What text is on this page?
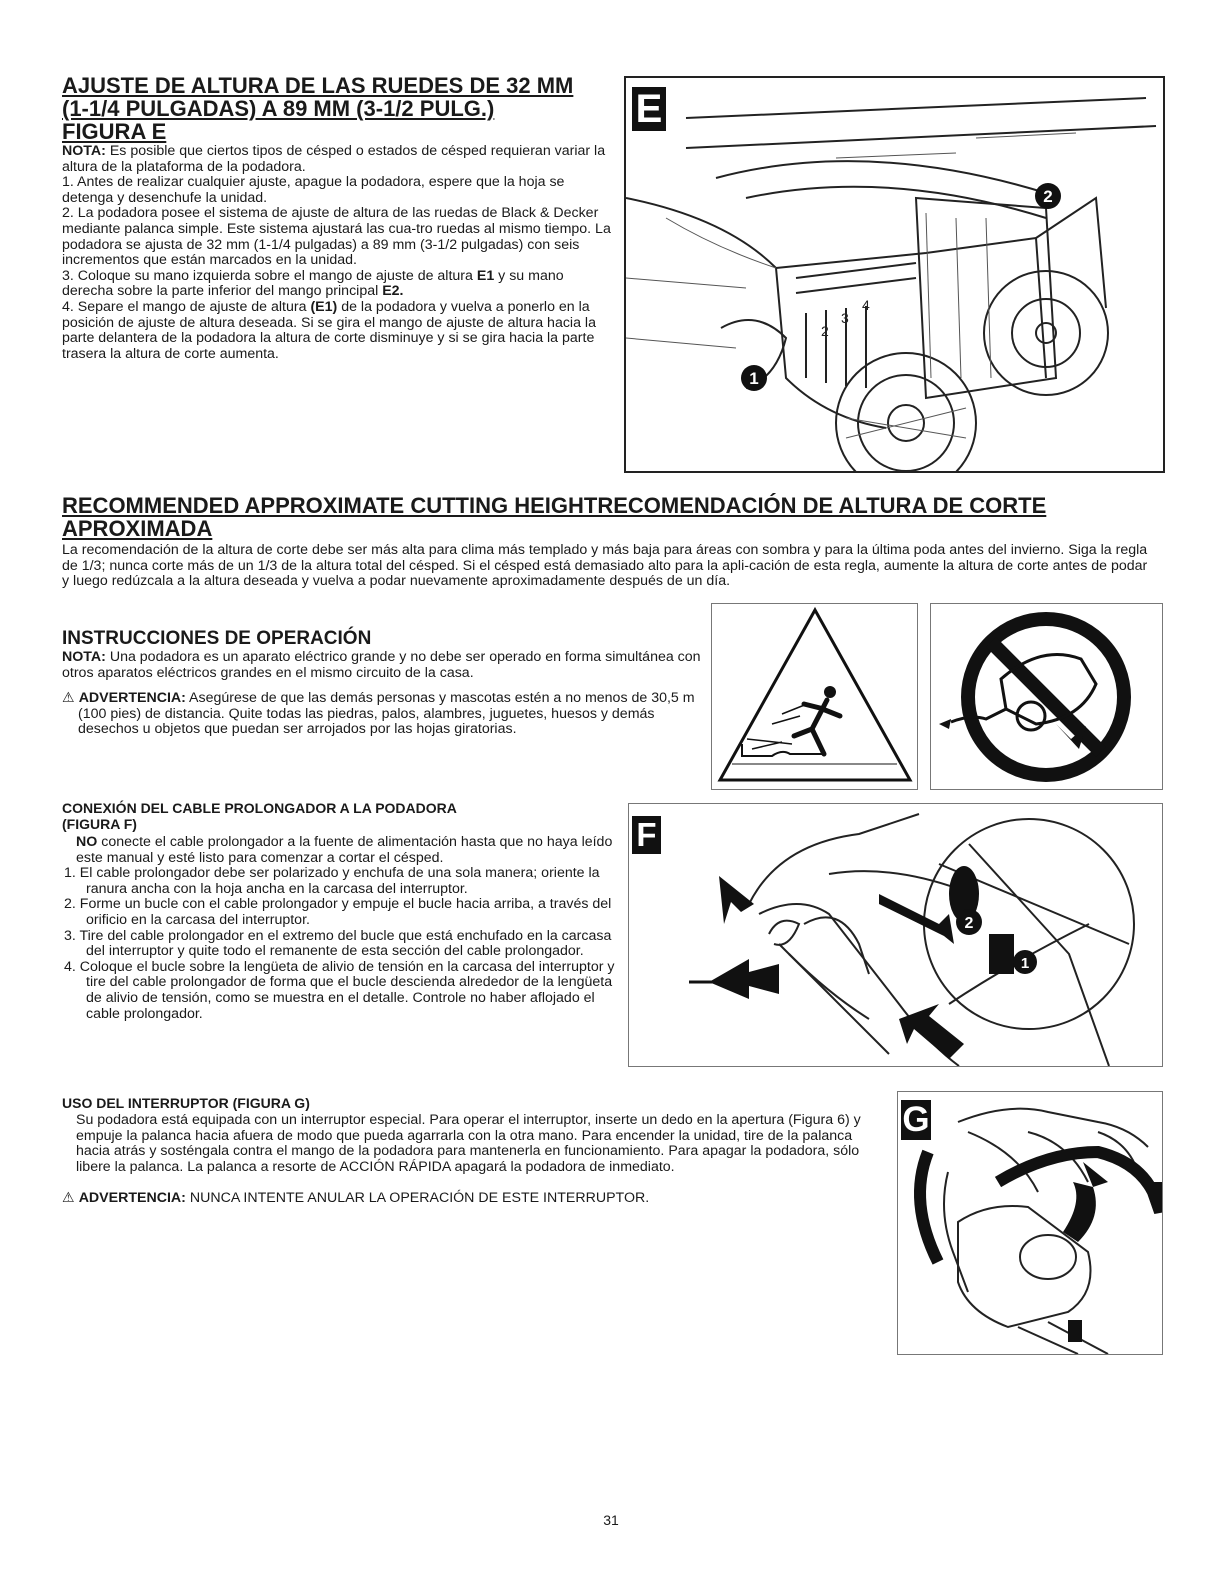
AJUSTE DE ALTURA DE LAS RUEDES DE 32 MM
(1-1/4 PULGADAS) A 89 MM (3-1/2 PULG.)
FIGURA E

NOTA: Es posible que ciertos tipos de césped o estados de césped requieran variar la altura de la plataforma de la podadora.

1. Antes de realizar cualquier ajuste, apague la podadora, espere que la hoja se detenga y desenchufe la unidad.

2. La podadora posee el sistema de ajuste de altura de las ruedas de Black & Decker mediante palanca simple. Este sistema ajustará las cua-tro ruedas al mismo tiempo. La podadora se ajusta de 32 mm (1-1/4 pulgadas) a 89 mm (3-1/2 pulgadas) con seis incrementos que están marcados en la unidad.

3. Coloque su mano izquierda sobre el mango de ajuste de altura E1 y su mano derecha sobre la parte inferior del mango principal E2.

4. Separe el mango de ajuste de altura (E1) de la podadora y vuelva a ponerlo en la posición de ajuste de altura deseada. Si se gira el mango de ajuste de altura hacia la parte delantera de la podadora la altura de corte disminuye y si se gira hacia la parte trasera la altura de corte aumenta.

2
3
4
1
2
E
RECOMMENDED APPROXIMATE CUTTING HEIGHTRECOMENDACIÓN DE ALTURA DE CORTE
APROXIMADA

La recomendación de la altura de corte debe ser más alta para clima más templado y más baja para áreas con sombra y para la última poda antes del invierno. Siga la regla de 1/3; nunca corte más de un 1/3 de la altura total del césped. Si el césped está demasiado alto para la apli-cación de esta regla, aumente la altura de corte antes de podar y luego redúzcala a la altura deseada y vuelva a podar nuevamente aproximadamente después de un día.

INSTRUCCIONES DE OPERACIÓN

NOTA: Una podadora es un aparato eléctrico grande y no debe ser operado en forma simultánea con otros aparatos eléctricos grandes en el mismo circuito de la casa.

⚠ ADVERTENCIA: Asegúrese de que las demás personas y mascotas estén a no menos de 30,5 m (100 pies) de distancia. Quite todas las piedras, palos, alambres, juguetes, huesos y demás desechos u objetos que puedan ser arrojados por las hojas giratorias.

CONEXIÓN DEL CABLE PROLONGADOR A LA PODADORA
(FIGURA F)

NO conecte el cable prolongador a la fuente de alimentación hasta que no haya leído este manual y esté listo para comenzar a cortar el césped.

1. El cable prolongador debe ser polarizado y enchufa de una sola manera; oriente la ranura ancha con la hoja ancha en la carcasa del interruptor.

2. Forme un bucle con el cable prolongador y empuje el bucle hacia arriba, a través del orificio en la carcasa del interruptor.

3. Tire del cable prolongador en el extremo del bucle que está enchufado en la carcasa del interruptor y quite todo el remanente de esta sección del cable prolongador.

4. Coloque el bucle sobre la lengüeta de alivio de tensión en la carcasa del interruptor y tire del cable prolongador de forma que el bucle descienda alrededor de la lengüeta de alivio de tensión, como se muestra en el detalle. Controle no haber aflojado el cable prolongador.

2
1
F
USO DEL INTERRUPTOR (FIGURA G)

Su podadora está equipada con un interruptor especial. Para operar el interruptor, inserte un dedo en la apertura (Figura 6) y empuje la palanca hacia afuera de modo que pueda agarrarla con la otra mano. Para encender la unidad, tire de la palanca hacia atrás y sosténgala contra el mango de la podadora para mantenerla en funcionamiento. Para apagar la podadora, sólo libere la palanca. La palanca a resorte de ACCIÓN RÁPIDA apagará la podadora de inmediato.

⚠ ADVERTENCIA: NUNCA INTENTE ANULAR LA OPERACIÓN DE ESTE INTERRUPTOR.

G
31
